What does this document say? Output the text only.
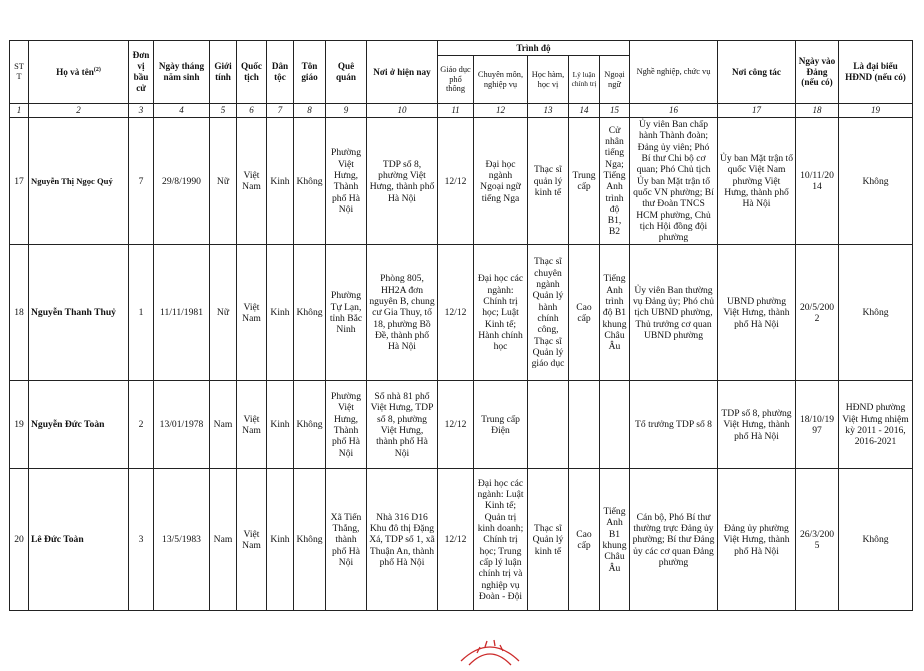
STT	Họ và tên$^{(2)}$	Đơn vị bầu cử	Ngày tháng năm sinh	Giới tính	Quốc tịch	Dân tộc	Tôn giáo	Quê quán	Nơi ở hiện nay	Trình độ					Nghề nghiệp, chức vụ	Nơi công tác	Ngày vào Đảng (nếu có)	Là đại biểu HĐND (nếu có)
										Giáo dục phổ thông	Chuyên môn, nghiệp vụ	Học hàm, học vị	Lý luận chính trị	Ngoại ngữ				
1	2	3	4	5	6	7	8	9	10	11	12	13	14	15	16	17	18	19
17	Nguyễn Thị Ngọc Quý	7	29/8/1990	Nữ	Việt Nam	Kinh	Không	Phường Việt Hưng, Thành phố Hà Nội	TDP số 8, phường Việt Hưng, thành phố Hà Nội	12/12	Đại học ngành Ngoại ngữ tiếng Nga	Thạc sĩ quản lý kinh tế	Trung cấp	Cử nhân tiếng Nga; Tiếng Anh trình độ B1, B2	Ủy viên Ban chấp hành Thành đoàn; Đảng ủy viên; Phó Bí thư Chi bộ cơ quan; Phó Chủ tịch Ủy ban Mặt trận tổ quốc VN phường; Bí thư Đoàn TNCS HCM phường, Chủ tịch Hội đồng đội phường	Ủy ban Mặt trận tổ quốc Việt Nam phường Việt Hưng, thành phố Hà Nội	10/11/2014	Không
18	Nguyễn Thanh Thuỷ	1	11/11/1981	Nữ	Việt Nam	Kinh	Không	Phường Tự Lạn, tỉnh Bắc Ninh	Phòng 805, HH2A đơn nguyên B, chung cư Gia Thuy, tổ 18, phường Bồ Đề, thành phố Hà Nội	12/12	Đại học các ngành: Chính trị học; Luật Kinh tế; Hành chính học	Thạc sĩ chuyên ngành Quản lý hành chính công, Thạc sĩ Quản lý giáo dục	Cao cấp	Tiếng Anh trình độ B1 khung Châu Âu	Ủy viên Ban thường vụ Đảng ủy; Phó chủ tịch UBND phường, Thủ trưởng cơ quan UBND phường	UBND phường Việt Hưng, thành phố Hà Nội	20/5/2002	Không
19	Nguyễn Đức Toàn	2	13/01/1978	Nam	Việt Nam	Kinh	Không	Phường Việt Hưng, Thành phố Hà Nội	Số nhà 81 phố Việt Hưng, TDP số 8, phường Việt Hưng, thành phố Hà Nội	12/12	Trung cấp Điện				Tổ trưởng TDP số 8	TDP số 8, phường Việt Hưng, thành phố Hà Nội	18/10/1997	HĐND phường Việt Hưng nhiệm kỳ 2011 - 2016, 2016-2021
20	Lê Đức Toàn	3	13/5/1983	Nam	Việt Nam	Kinh	Không	Xã Tiến Thắng, thành phố Hà Nội	Nhà 316 D16 Khu đô thị Đặng Xá, TDP số 1, xã Thuận An, thành phố Hà Nội	12/12	Đại học các ngành: Luật Kinh tế; Quản trị kinh doanh; Chính trị học; Trung cấp lý luận chính trị và nghiệp vụ Đoàn - Đội	Thạc sĩ Quản lý kinh tế	Cao cấp	Tiếng Anh B1 khung Châu Âu	Cán bộ, Phó Bí thư thường trực Đảng ủy phường; Bí thư Đảng ủy các cơ quan Đảng phường	Đảng ủy phường Việt Hưng, thành phố Hà Nội	26/3/2005	Không
